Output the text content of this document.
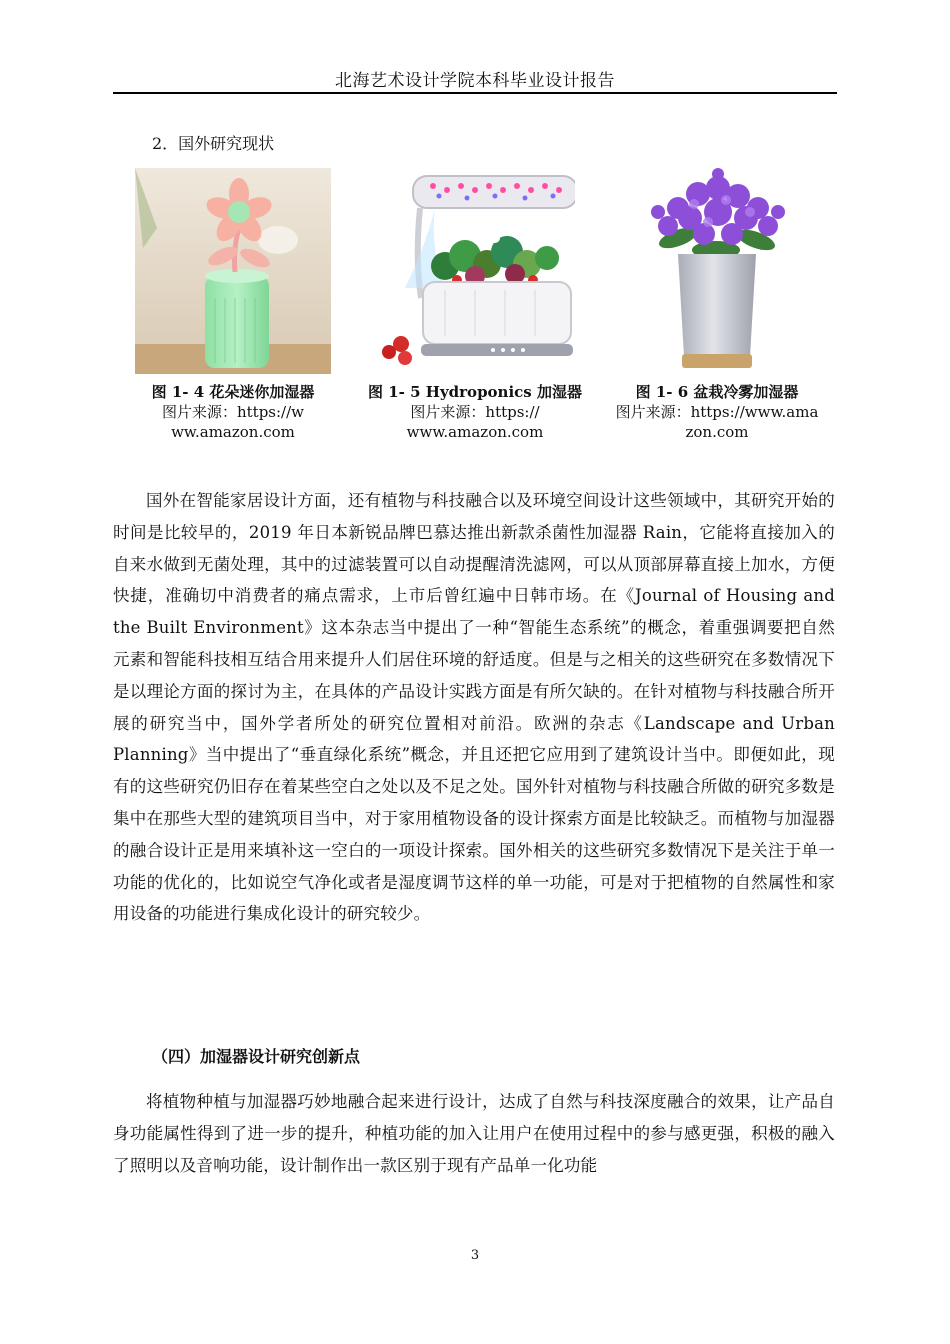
北海艺术设计学院本科毕业设计报告
2．国外研究现状
图 1- 4 花朵迷你加湿器
图片来源：https://w
ww.amazon.com
图 1- 5 Hydroponics 加湿器
图片来源：https://
www.amazon.com
图 1- 6 盆栽冷雾加湿器
图片来源：https://www.ama
zon.com
国外在智能家居设计方面，还有植物与科技融合以及环境空间设计这些领域中，其研究开始的时间是比较早的，2019 年日本新锐品牌巴慕达推出新款杀菌性加湿器 Rain，它能将直接加入的自来水做到无菌处理，其中的过滤装置可以自动提醒清洗滤网，可以从顶部屏幕直接上加水，方便快捷，准确切中消费者的痛点需求，上市后曾红遍中日韩市场。在《Journal of Housing and the Built Environment》这本杂志当中提出了一种“智能生态系统”的概念，着重强调要把自然元素和智能科技相互结合用来提升人们居住环境的舒适度。但是与之相关的这些研究在多数情况下是以理论方面的探讨为主，在具体的产品设计实践方面是有所欠缺的。在针对植物与科技融合所开展的研究当中，国外学者所处的研究位置相对前沿。欧洲的杂志《Landscape and Urban Planning》当中提出了“垂直绿化系统”概念，并且还把它应用到了建筑设计当中。即便如此，现有的这些研究仍旧存在着某些空白之处以及不足之处。国外针对植物与科技融合所做的研究多数是集中在那些大型的建筑项目当中，对于家用植物设备的设计探索方面是比较缺乏。而植物与加湿器的融合设计正是用来填补这一空白的一项设计探索。国外相关的这些研究多数情况下是关注于单一功能的优化的，比如说空气净化或者是湿度调节这样的单一功能，可是对于把植物的自然属性和家用设备的功能进行集成化设计的研究较少。
（四）加湿器设计研究创新点
将植物种植与加湿器巧妙地融合起来进行设计，达成了自然与科技深度融合的效果，让产品自身功能属性得到了进一步的提升，种植功能的加入让用户在使用过程中的参与感更强，积极的融入了照明以及音响功能，设计制作出一款区别于现有产品单一化功能
3
